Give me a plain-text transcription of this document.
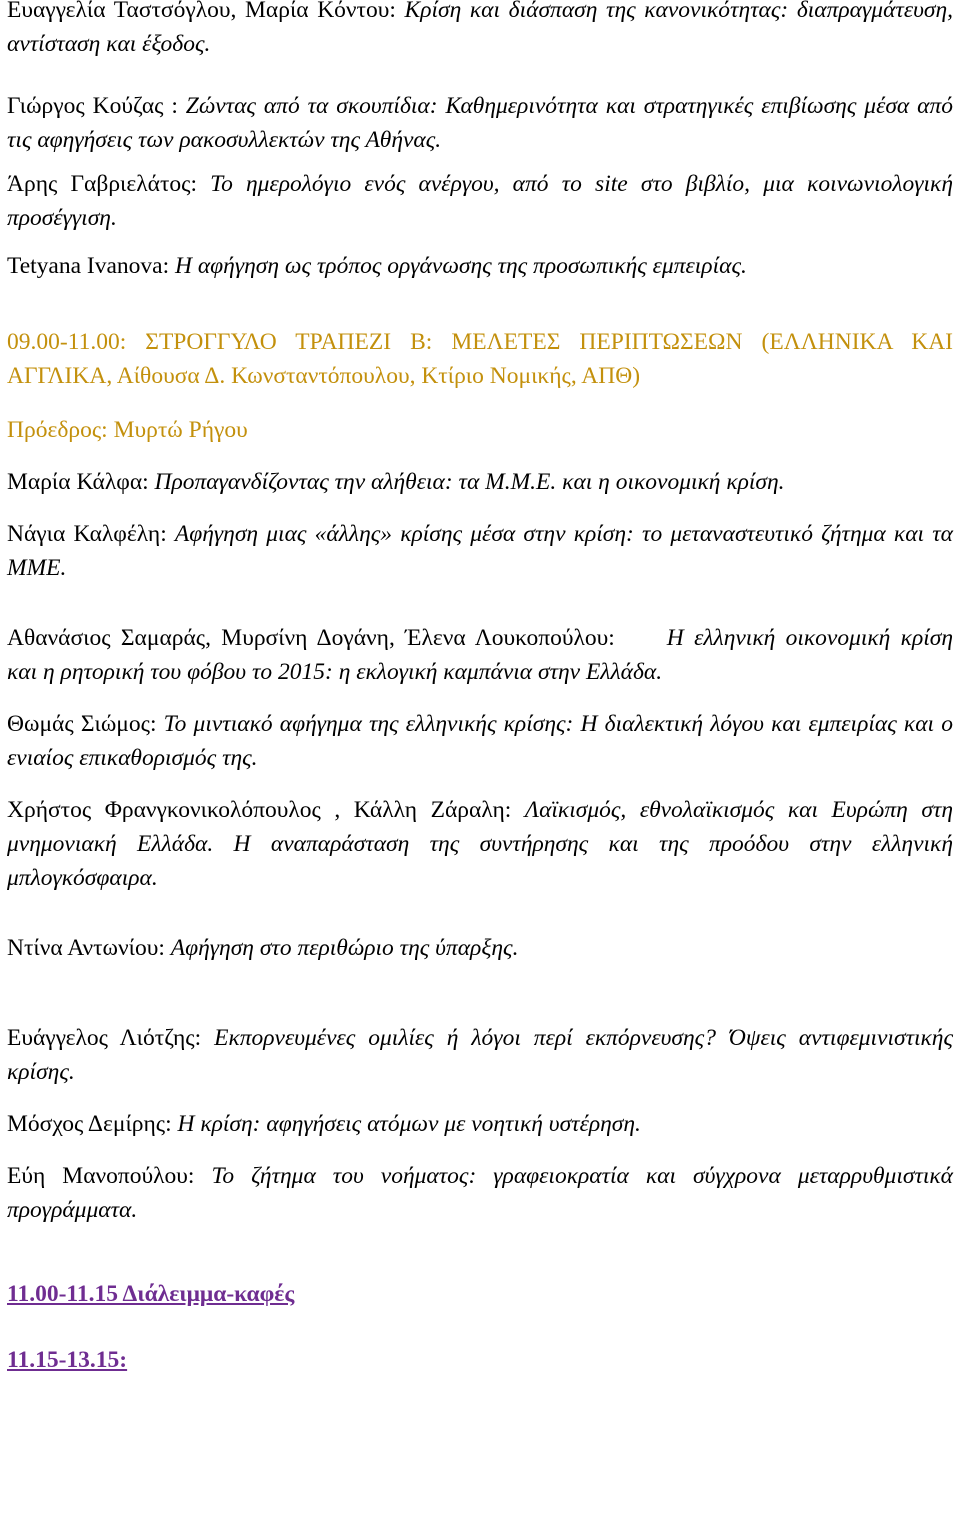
Ευαγγελία Ταστσόγλου, Μαρία Κόντου: Κρίση και διάσπαση της κανονικότητας: διαπραγμάτευση, αντίσταση και έξοδος.

Γιώργος Κούζας : Ζώντας από τα σκουπίδια: Καθημερινότητα και στρατηγικές επιβίωσης μέσα από τις αφηγήσεις των ρακοσυλλεκτών της Αθήνας.

Άρης Γαβριελάτος: Το ημερολόγιο ενός ανέργου, από το site στο βιβλίο, μια κοινωνιολογική προσέγγιση.

Tetyana Ivanova: Η αφήγηση ως τρόπος οργάνωσης της προσωπικής εμπειρίας.

09.00-11.00: ΣΤΡΟΓΓΥΛΟ ΤΡΑΠΕΖΙ Β: ΜΕΛΕΤΕΣ ΠΕΡΙΠΤΩΣΕΩΝ (ΕΛΛΗΝΙΚΑ ΚΑΙ ΑΓΓΛΙΚΑ, Αίθουσα Δ. Κωνσταντόπουλου, Κτίριο Νομικής, ΑΠΘ)

Πρόεδρος: Μυρτώ Ρήγου

Μαρία Κάλφα: Προπαγανδίζοντας την αλήθεια: τα Μ.Μ.Ε. και η οικονομική κρίση.

Νάγια Καλφέλη: Αφήγηση μιας «άλλης» κρίσης μέσα στην κρίση: το μεταναστευτικό ζήτημα και τα ΜΜΕ.

Αθανάσιος Σαμαράς, Μυρσίνη Δογάνη, Έλενα Λουκοπούλου: Η ελληνική οικονομική κρίση και η ρητορική του φόβου το 2015: η εκλογική καμπάνια στην Ελλάδα.

Θωμάς Σιώμος: Το μιντιακό αφήγημα της ελληνικής κρίσης: Η διαλεκτική λόγου και εμπειρίας και ο ενιαίος επικαθορισμός της.

Χρήστος Φρανγκονικολόπουλος , Κάλλη Ζάραλη: Λαϊκισμός, εθνολαϊκισμός και Ευρώπη στη μνημονιακή Ελλάδα. Η αναπαράσταση της συντήρησης και της προόδου στην ελληνική μπλογκόσφαιρα.

Ντίνα Αντωνίου: Αφήγηση στο περιθώριο της ύπαρξης.

Ευάγγελος Λιότζης: Εκπορνευμένες ομιλίες ή λόγοι περί εκπόρνευσης? Όψεις αντιφεμινιστικής κρίσης.

Μόσχος Δεμίρης: Η κρίση: αφηγήσεις ατόμων με νοητική υστέρηση.

Εύη Μανοπούλου: Το ζήτημα του νοήματος: γραφειοκρατία και σύγχρονα μεταρρυθμιστικά προγράμματα.

11.00-11.15 Διάλειμμα-καφές

11.15-13.15:
